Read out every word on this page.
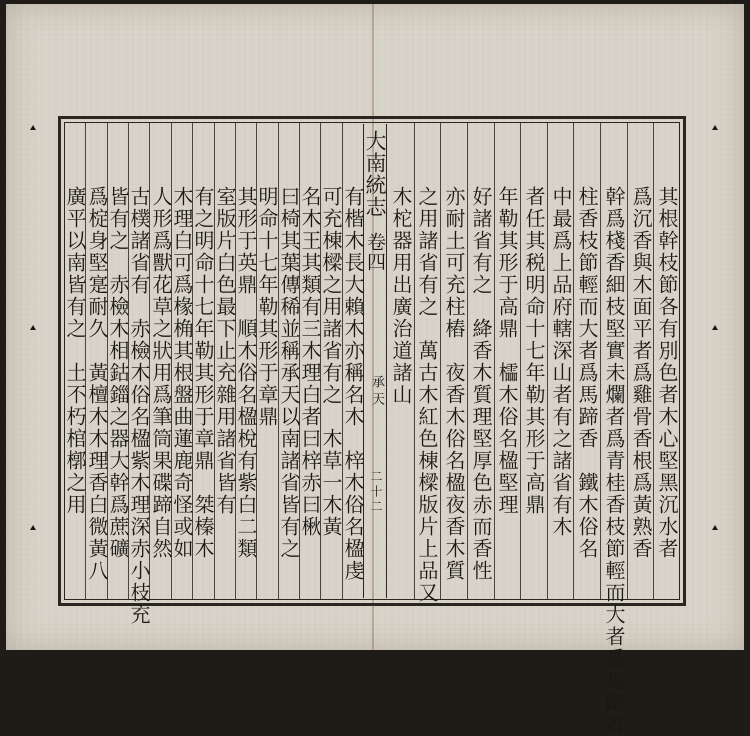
大南統志
卷四
承天
二十二	其根幹枝節各有別色者木心堅黑沉水者
爲沉香與木面平者爲雞骨香根爲黃熟香
幹爲棧香細枝堅實未爛者爲青桂香枝節輕而大者爲馬蹄香
柱香枝節輕而大者爲馬蹄香　鐵木俗名
中最爲上品府轄深山者有之諸省有木
者任其税明命十七年勒其形于高鼎
年勒其形于高鼎　櫺木俗名楹堅理
好諸省有之　絳香木質理堅厚色赤而香性
亦耐土可充柱樁　夜香木俗名楹夜香木質
之用諸省有之　萬古木紅色棟樑版片上品又
木柁器用出廣治道諸山
有楷木長大賴木亦稱名木　梓木俗名楹虔
可充棟樑之用諸省有之　木草一木黃
名木王其類有三木理白者曰梓赤曰楸
曰椅其葉傳稀並稱承天以南諸省皆有之
明命十七年勒其形于章鼎
其形于英鼎　順木俗名楹梲有紫白二類
室版片白色最下止充雜用諸省皆有
有之明命十七年勒其形于章鼎　桀榛木
木理白可爲椽桷其根盤曲蓮鹿奇怪或如
人形爲獸花草之狀用爲筆筒果碟蹄自然
古樸諸省有　赤檢木俗名楹紫木理深赤小枝充
皆有之　赤檢木相鈷鍿之器大幹爲蔗礦
爲椗身堅寔耐久　黃檀木木理香白微黃八
廣平以南皆有之　土不朽棺槨之用
